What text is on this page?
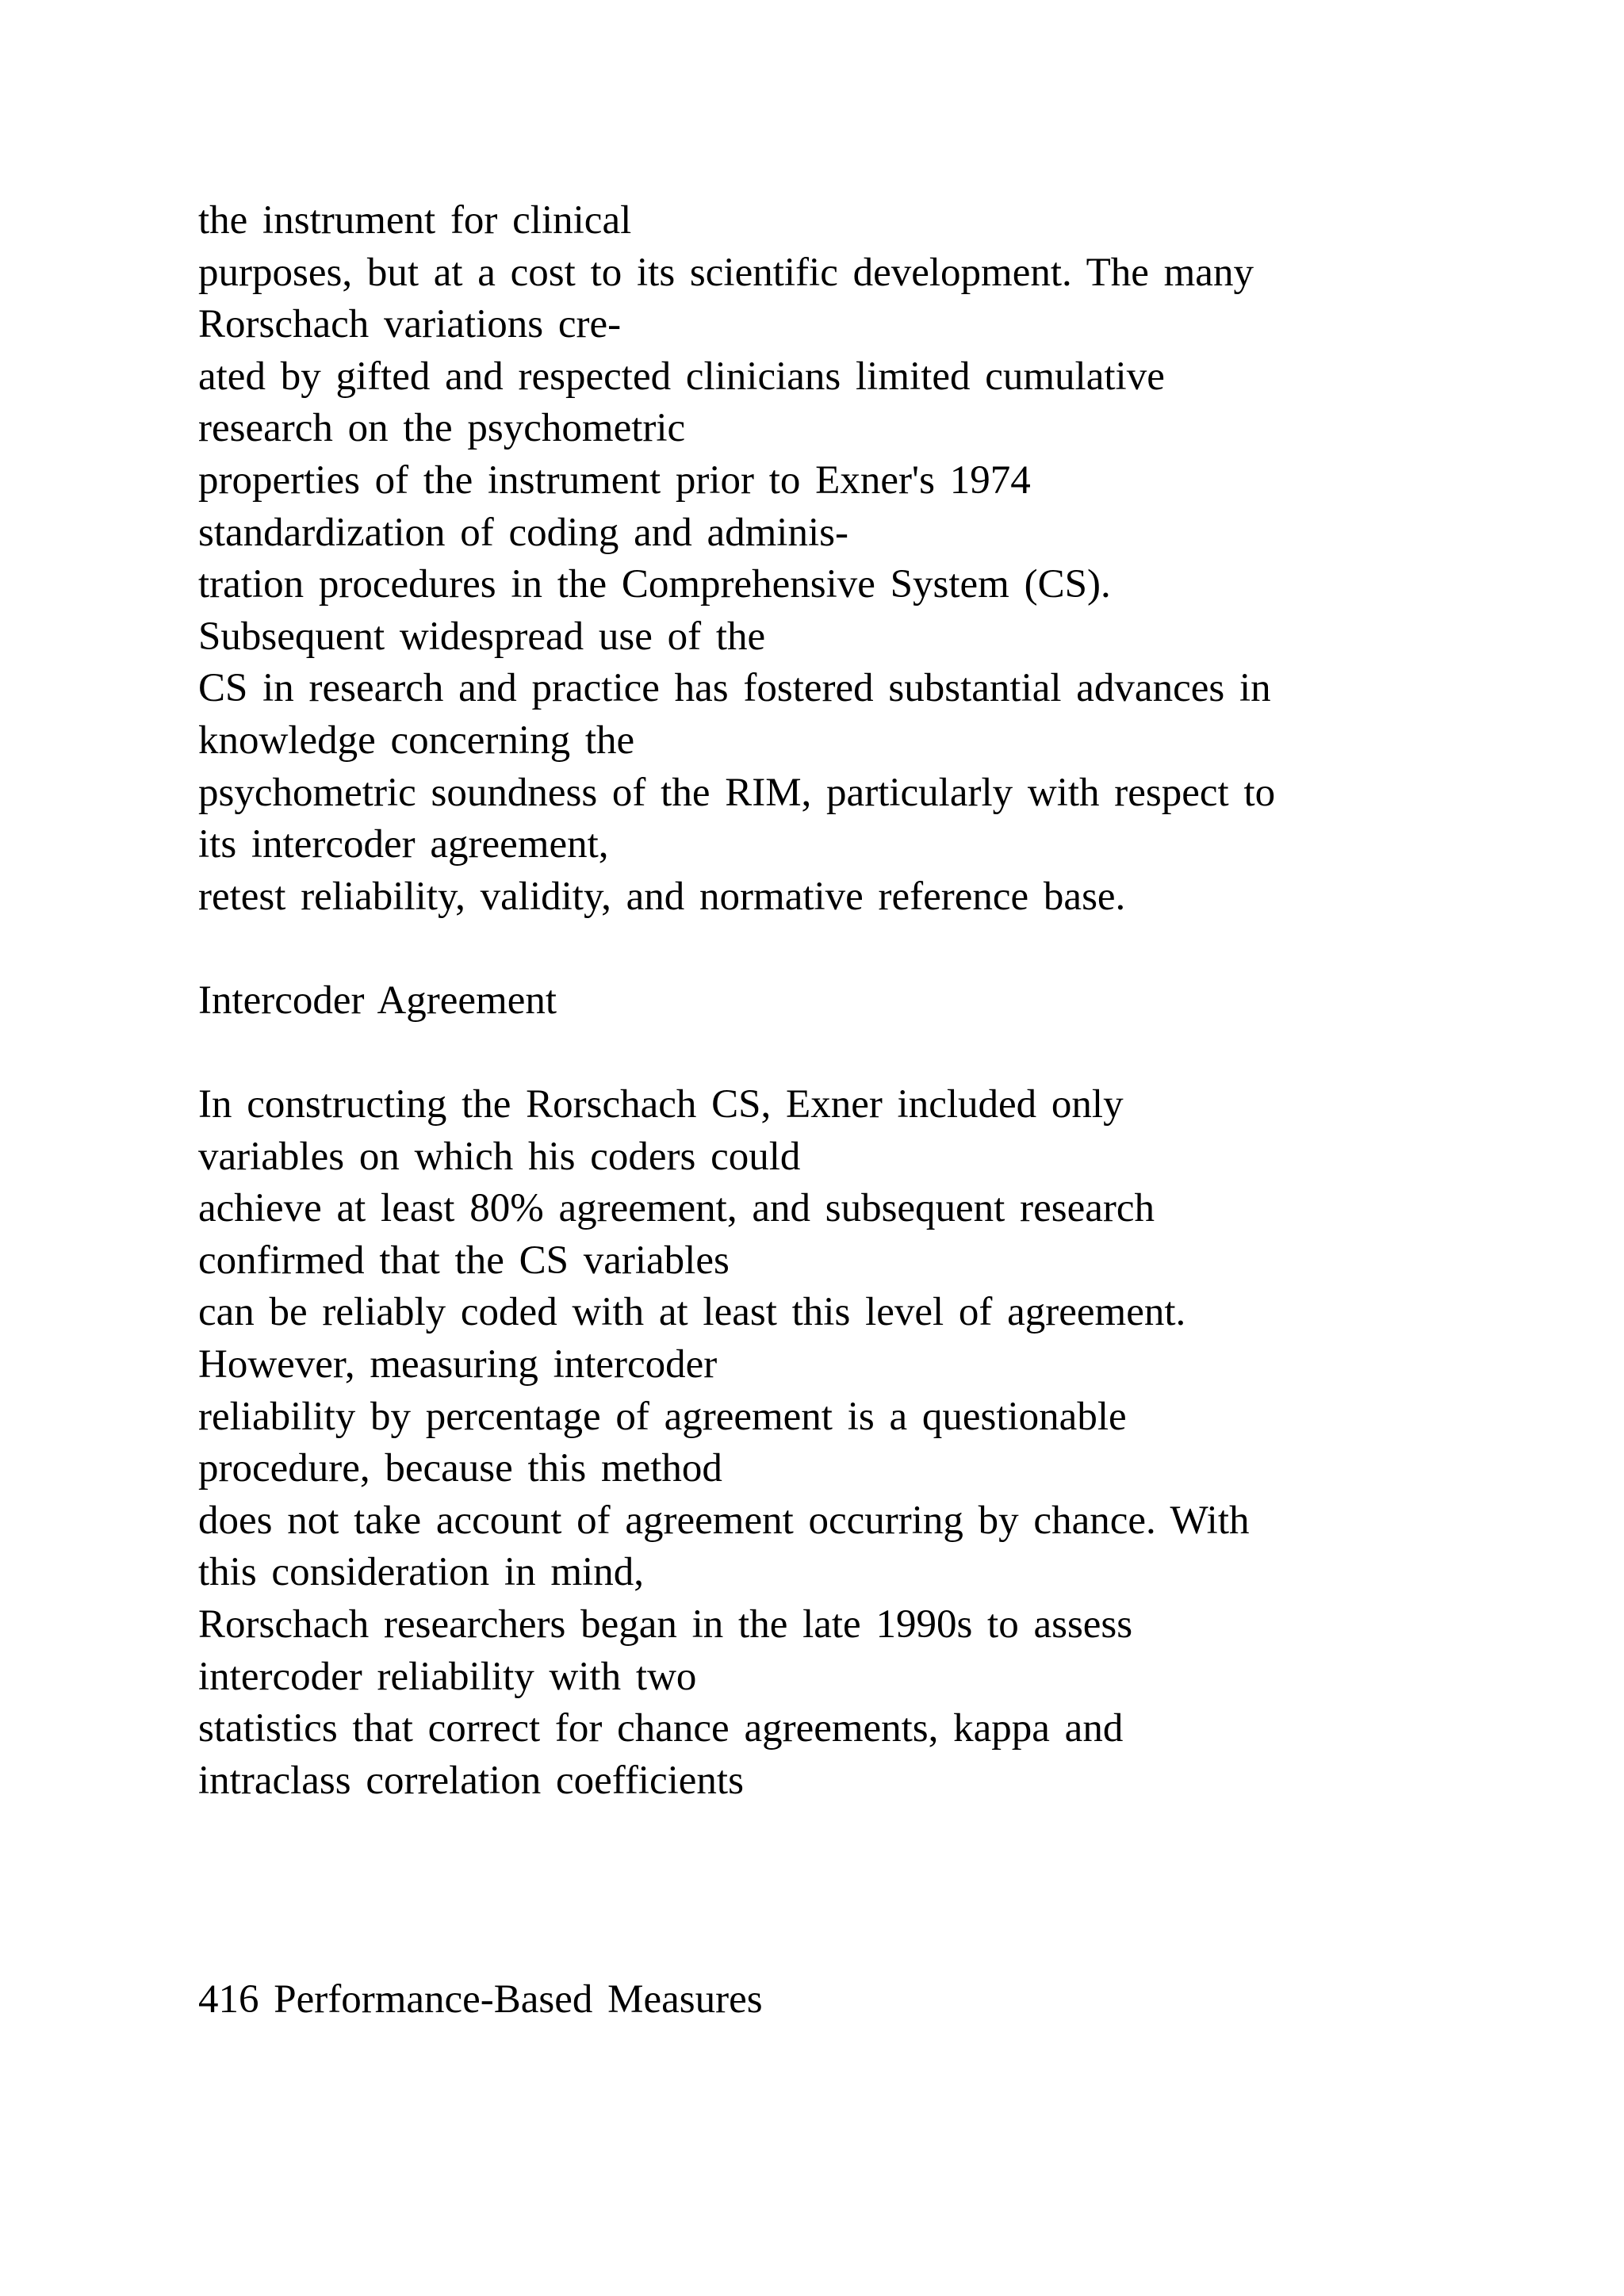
the instrument for clinical
purposes, but at a cost to its scientific development. The many
Rorschach variations cre-
ated by gifted and respected clinicians limited cumulative
research on the psychometric
properties of the instrument prior to Exner's 1974
standardization of coding and adminis-
tration procedures in the Comprehensive System (CS).
Subsequent widespread use of the
CS in research and practice has fostered substantial advances in
knowledge concerning the
psychometric soundness of the RIM, particularly with respect to
its intercoder agreement,
retest reliability, validity, and normative reference base.
Intercoder Agreement
In constructing the Rorschach CS, Exner included only
variables on which his coders could
achieve at least 80% agreement, and subsequent research
confirmed that the CS variables
can be reliably coded with at least this level of agreement.
However, measuring intercoder
reliability by percentage of agreement is a questionable
procedure, because this method
does not take account of agreement occurring by chance. With
this consideration in mind,
Rorschach researchers began in the late 1990s to assess
intercoder reliability with two
statistics that correct for chance agreements, kappa and
intraclass correlation coefficients
416 Performance-Based Measures
